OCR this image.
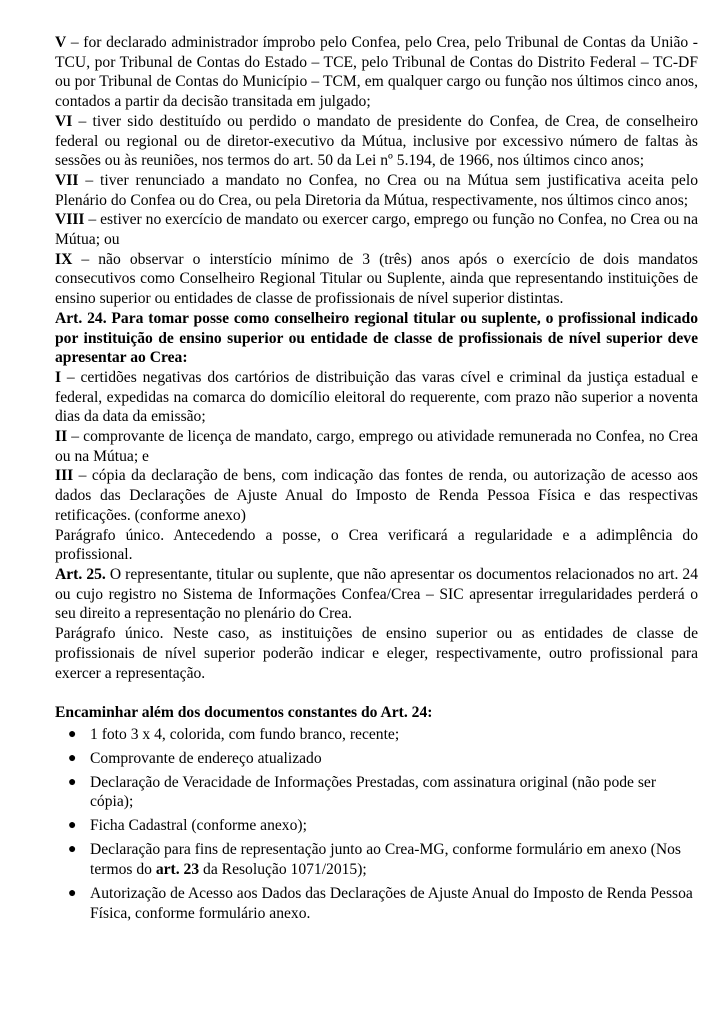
V – for declarado administrador ímprobo pelo Confea, pelo Crea, pelo Tribunal de Contas da União - TCU, por Tribunal de Contas do Estado – TCE, pelo Tribunal de Contas do Distrito Federal – TC-DF ou por Tribunal de Contas do Município – TCM, em qualquer cargo ou função nos últimos cinco anos, contados a partir da decisão transitada em julgado;

VI – tiver sido destituído ou perdido o mandato de presidente do Confea, de Crea, de conselheiro federal ou regional ou de diretor-executivo da Mútua, inclusive por excessivo número de faltas às sessões ou às reuniões, nos termos do art. 50 da Lei nº 5.194, de 1966, nos últimos cinco anos;

VII – tiver renunciado a mandato no Confea, no Crea ou na Mútua sem justificativa aceita pelo Plenário do Confea ou do Crea, ou pela Diretoria da Mútua, respectivamente, nos últimos cinco anos;

VIII – estiver no exercício de mandato ou exercer cargo, emprego ou função no Confea, no Crea ou na Mútua; ou

IX – não observar o interstício mínimo de 3 (três) anos após o exercício de dois mandatos consecutivos como Conselheiro Regional Titular ou Suplente, ainda que representando instituições de ensino superior ou entidades de classe de profissionais de nível superior distintas.

Art. 24. Para tomar posse como conselheiro regional titular ou suplente, o profissional indicado por instituição de ensino superior ou entidade de classe de profissionais de nível superior deve apresentar ao Crea:

I – certidões negativas dos cartórios de distribuição das varas cível e criminal da justiça estadual e federal, expedidas na comarca do domicílio eleitoral do requerente, com prazo não superior a noventa dias da data da emissão;

II – comprovante de licença de mandato, cargo, emprego ou atividade remunerada no Confea, no Crea ou na Mútua; e

III – cópia da declaração de bens, com indicação das fontes de renda, ou autorização de acesso aos dados das Declarações de Ajuste Anual do Imposto de Renda Pessoa Física e das respectivas retificações. (conforme anexo)

Parágrafo único. Antecedendo a posse, o Crea verificará a regularidade e a adimplência do profissional.

Art. 25. O representante, titular ou suplente, que não apresentar os documentos relacionados no art. 24 ou cujo registro no Sistema de Informações Confea/Crea – SIC apresentar irregularidades perderá o seu direito a representação no plenário do Crea.

Parágrafo único. Neste caso, as instituições de ensino superior ou as entidades de classe de profissionais de nível superior poderão indicar e eleger, respectivamente, outro profissional para exercer a representação.

Encaminhar além dos documentos constantes do Art. 24:

● 1 foto 3 x 4, colorida, com fundo branco, recente;
● Comprovante de endereço atualizado
● Declaração de Veracidade de Informações Prestadas, com assinatura original (não pode ser cópia);
● Ficha Cadastral (conforme anexo);
● Declaração para fins de representação junto ao Crea-MG, conforme formulário em anexo (Nos termos do art. 23 da Resolução 1071/2015);
● Autorização de Acesso aos Dados das Declarações de Ajuste Anual do Imposto de Renda Pessoa Física, conforme formulário anexo.
